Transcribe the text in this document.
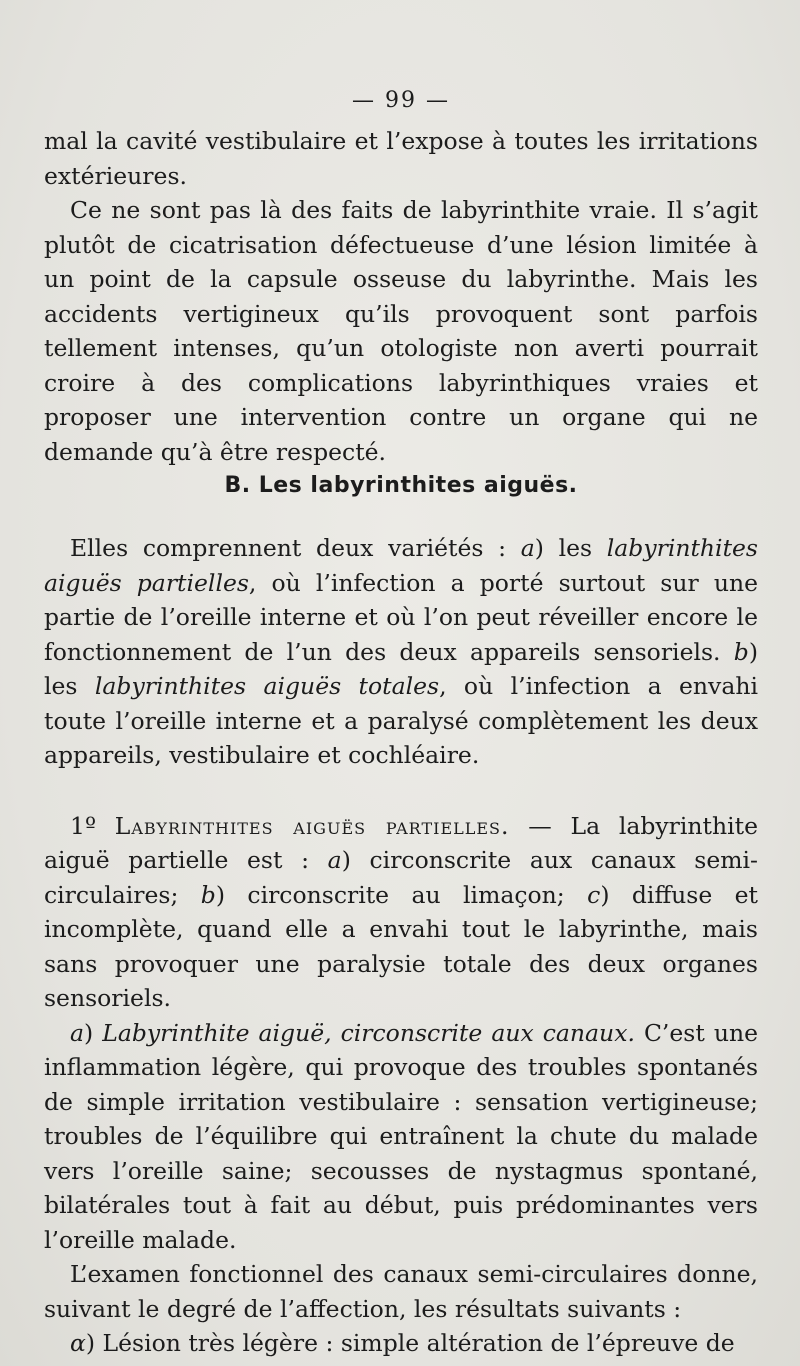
— 99 —

mal la cavité vestibulaire et l’expose à toutes les irritations extérieures.

Ce ne sont pas là des faits de labyrinthite vraie. Il s’agit plutôt de cicatrisation défectueuse d’une lésion limitée à un point de la capsule osseuse du labyrinthe. Mais les accidents vertigineux qu’ils provoquent sont parfois tellement intenses, qu’un otologiste non averti pourrait croire à des complications labyrinthiques vraies et proposer une intervention contre un organe qui ne demande qu’à être respecté.

B. Les labyrinthites aiguës.

Elles comprennent deux variétés : a) les labyrinthites aiguës partielles, où l’infection a porté surtout sur une partie de l’oreille interne et où l’on peut réveiller encore le fonctionnement de l’un des deux appareils sensoriels. b) les labyrinthites aiguës totales, où l’infection a envahi toute l’oreille interne et a paralysé complètement les deux appareils, vestibulaire et cochléaire.

1º Labyrinthites aiguës partielles. — La labyrinthite aiguë partielle est : a) circonscrite aux canaux semi-circulaires; b) circonscrite au limaçon; c) diffuse et incomplète, quand elle a envahi tout le labyrinthe, mais sans provoquer une paralysie totale des deux organes sensoriels.

a) Labyrinthite aiguë, circonscrite aux canaux. C’est une inflammation légère, qui provoque des troubles spontanés de simple irritation vestibulaire : sensation vertigineuse; troubles de l’équilibre qui entraînent la chute du malade vers l’oreille saine; secousses de nystagmus spontané, bilatérales tout à fait au début, puis prédominantes vers l’oreille malade.

L’examen fonctionnel des canaux semi-circulaires donne, suivant le degré de l’affection, les résultats suivants :

α) Lésion très légère : simple altération de l’épreuve de
